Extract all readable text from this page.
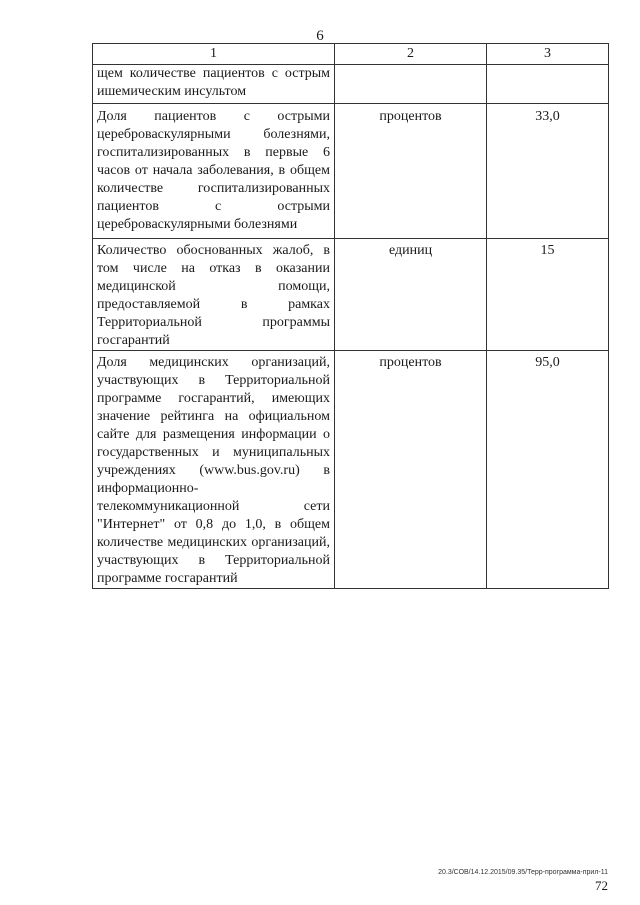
6
1	2	3
щем количестве пациентов с острым ишемическим инсультом		
Доля пациентов с острыми цереброваскулярными болезнями, госпитализированных в первые 6 часов от начала заболевания, в общем количестве госпитализированных пациентов с острыми цереброваскулярными болезнями	процентов	33,0
Количество обоснованных жалоб, в том числе на отказ в оказании медицинской помощи, предоставляемой в рамках Территориальной программы госгарантий	единиц	15
Доля медицинских организаций, участвующих в Территориальной программе госгарантий, имеющих значение рейтинга на официальном сайте для размещения информации о государственных и муниципальных учреждениях (www.bus.gov.ru) в информационно-телекоммуникационной сети "Интернет" от 0,8 до 1,0, в общем количестве медицинских организаций, участвующих в Территориальной программе госгарантий	процентов	95,0
20.3/СОВ/14.12.2015/09.35/Терр-программа-прил-11
72
